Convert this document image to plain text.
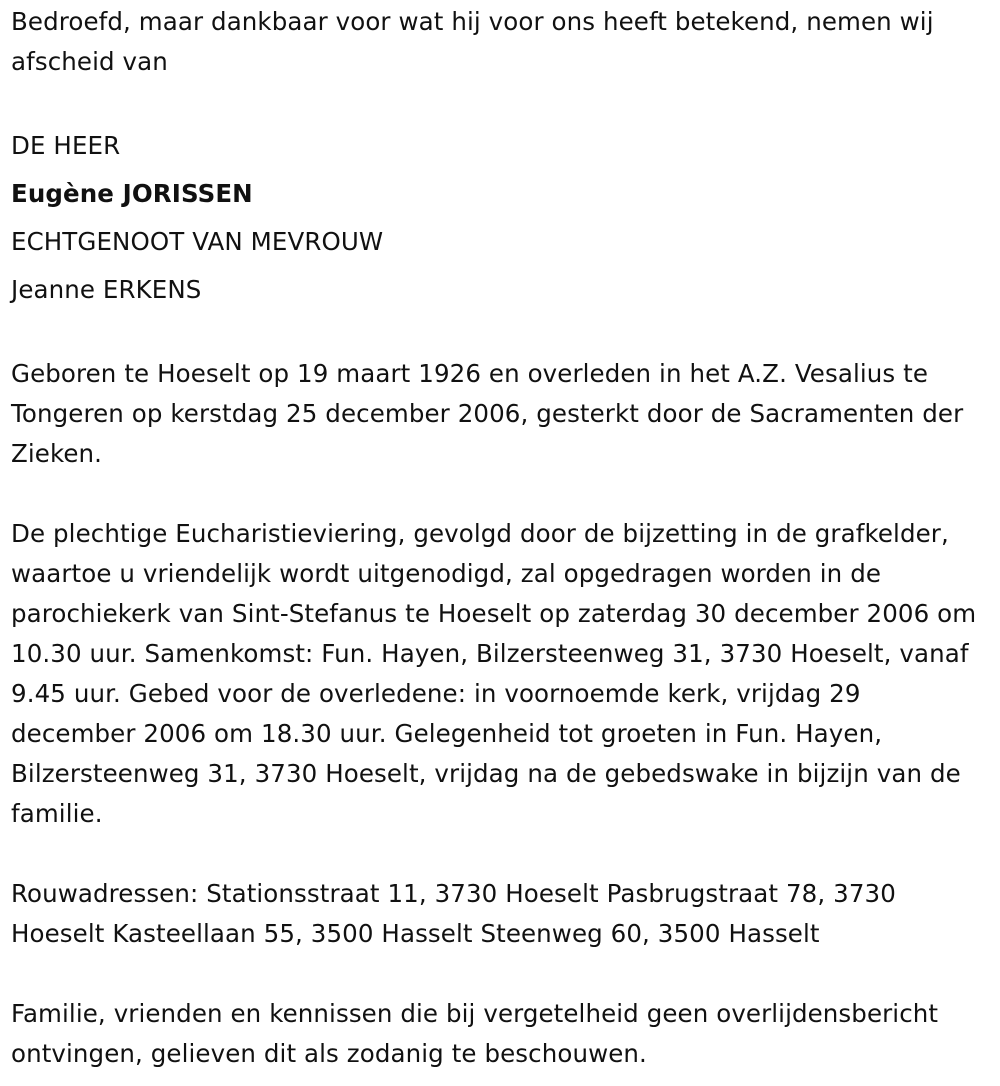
Bedroefd, maar dankbaar voor wat hij voor ons heeft betekend, nemen wij afscheid van

DE HEER

Eugène JORISSEN

ECHTGENOOT VAN MEVROUW

Jeanne ERKENS

Geboren te Hoeselt op 19 maart 1926 en overleden in het A.Z. Vesalius te Tongeren op kerstdag 25 december 2006, gesterkt door de Sacramenten der Zieken.

De plechtige Eucharistieviering, gevolgd door de bijzetting in de grafkelder, waartoe u vriendelijk wordt uitgenodigd, zal opgedragen worden in de parochiekerk van Sint-Stefanus te Hoeselt op zaterdag 30 december 2006 om 10.30 uur. Samenkomst: Fun. Hayen, Bilzersteenweg 31, 3730 Hoeselt, vanaf 9.45 uur. Gebed voor de overledene: in voornoemde kerk, vrijdag 29 december 2006 om 18.30 uur. Gelegenheid tot groeten in Fun. Hayen, Bilzersteenweg 31, 3730 Hoeselt, vrijdag na de gebedswake in bijzijn van de familie.

Rouwadressen: Stationsstraat 11, 3730 Hoeselt Pasbrugstraat 78, 3730 Hoeselt Kasteellaan 55, 3500 Hasselt Steenweg 60, 3500 Hasselt

Familie, vrienden en kennissen die bij vergetelheid geen overlijdensbericht ontvingen, gelieven dit als zodanig te beschouwen.
